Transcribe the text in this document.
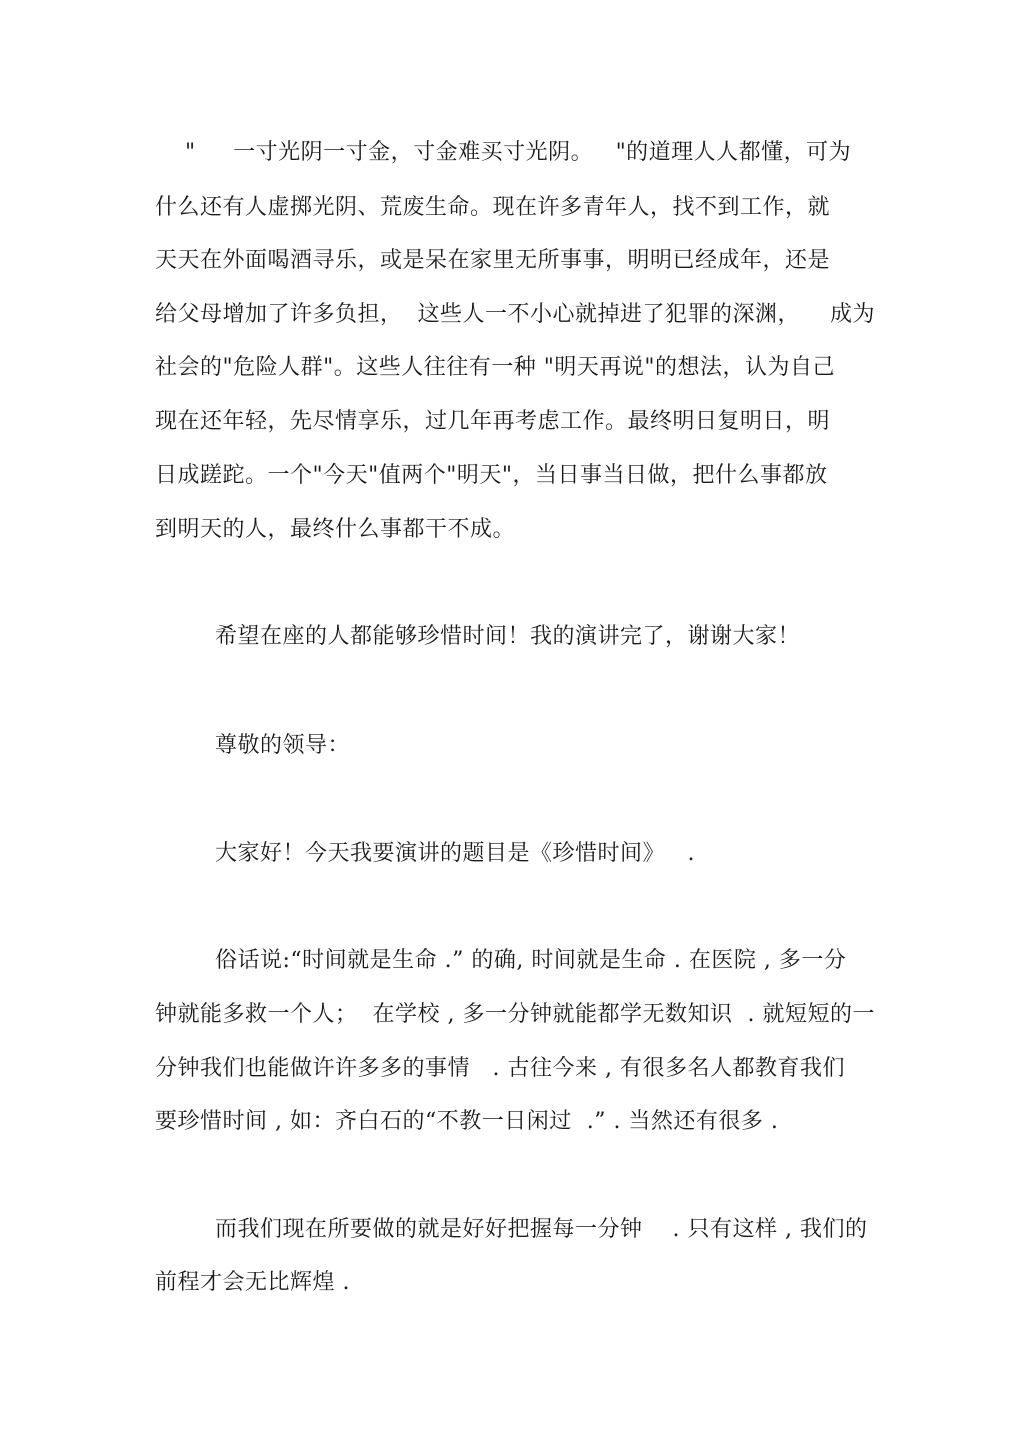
"     一寸光阴一寸金，寸金难买寸光阴。   "的道理人人都懂，可为

什么还有人虚掷光阴、荒废生命。现在许多青年人，找不到工作，就

天天在外面喝酒寻乐，或是呆在家里无所事事，明明已经成年，还是

给父母增加了许多负担，  这些人一不小心就掉进了犯罪的深渊，    成为

社会的"危险人群"。这些人往往有一种 "明天再说"的想法，认为自己

现在还年轻，先尽情享乐，过几年再考虑工作。最终明日复明日，明

日成蹉跎。一个"今天"值两个"明天"，当日事当日做，把什么事都放

到明天的人，最终什么事都干不成。

希望在座的人都能够珍惜时间！我的演讲完了，谢谢大家！

尊敬的领导：

大家好！今天我要演讲的题目是《珍惜时间》   .

俗话说:“时间就是生命 .” 的确, 时间就是生命 . 在医院 , 多一分

钟就能多救一个人；  在学校 , 多一分钟就能都学无数知识  . 就短短的一

分钟我们也能做许许多多的事情   . 古往今来 , 有很多名人都教育我们

要珍惜时间 , 如：齐白石的“不教一日闲过  .” . 当然还有很多 .

而我们现在所要做的就是好好把握每一分钟    . 只有这样 , 我们的

前程才会无比辉煌 .
